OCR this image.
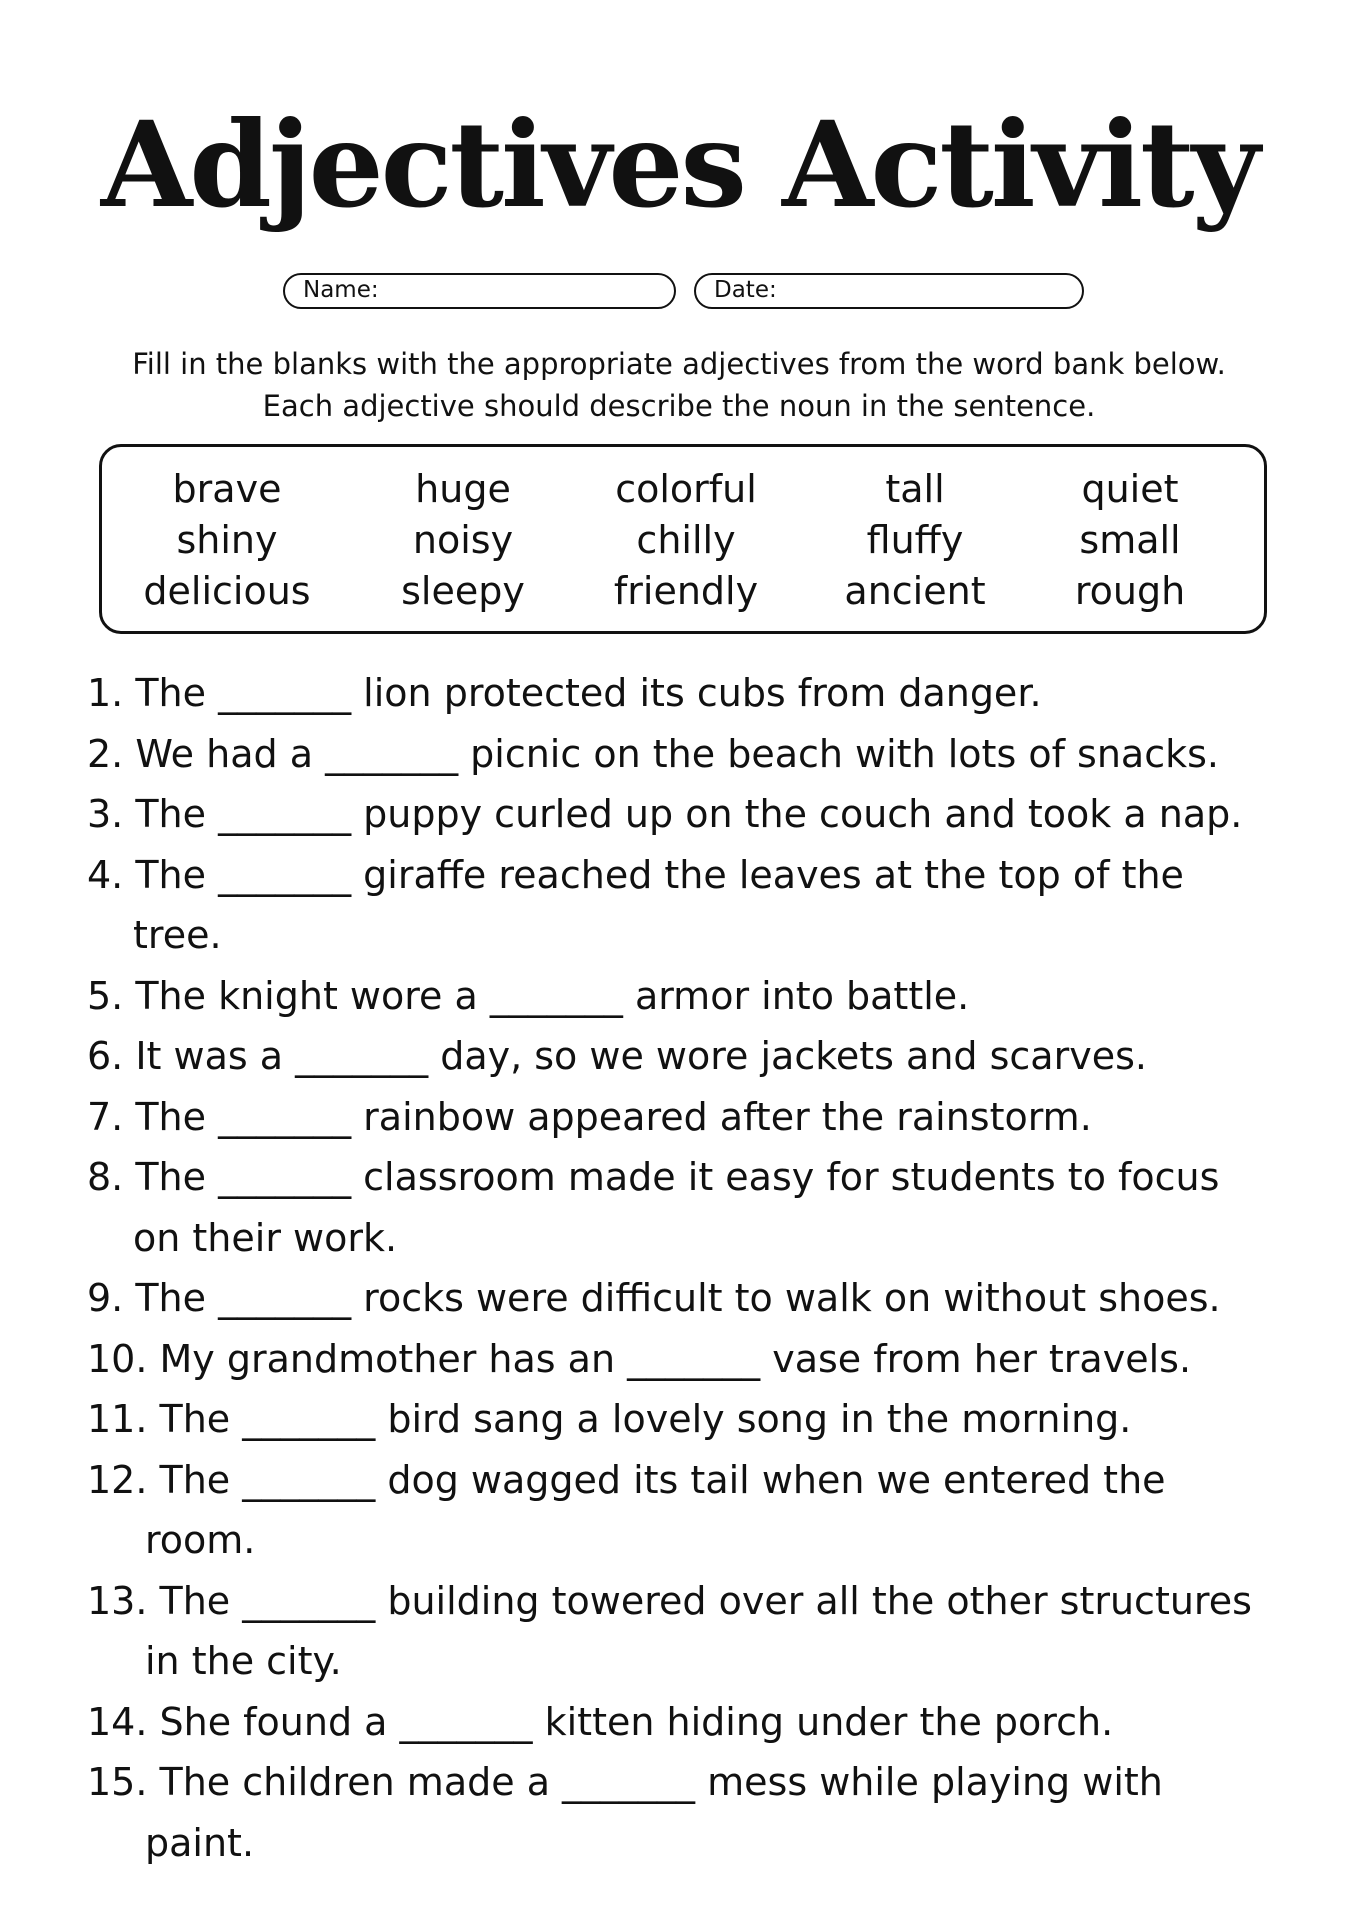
Adjectives Activity
Name:	Date:
Fill in the blanks with the appropriate adjectives from the word bank below.
Each adjective should describe the noun in the sentence.
brave
shiny
delicious
huge
noisy
sleepy
colorful
chilly
friendly
tall
fluffy
ancient
quiet
small
rough
1. The _______ lion protected its cubs from danger.
2. We had a _______ picnic on the beach with lots of snacks.
3. The _______ puppy curled up on the couch and took a nap.
4. The _______ giraffe reached the leaves at the top of the
tree.
5. The knight wore a _______ armor into battle.
6. It was a _______ day, so we wore jackets and scarves.
7. The _______ rainbow appeared after the rainstorm.
8. The _______ classroom made it easy for students to focus
on their work.
9. The _______ rocks were difficult to walk on without shoes.
10. My grandmother has an _______ vase from her travels.
11. The _______ bird sang a lovely song in the morning.
12. The _______ dog wagged its tail when we entered the
room.
13. The _______ building towered over all the other structures
in the city.
14. She found a _______ kitten hiding under the porch.
15. The children made a _______ mess while playing with
paint.
